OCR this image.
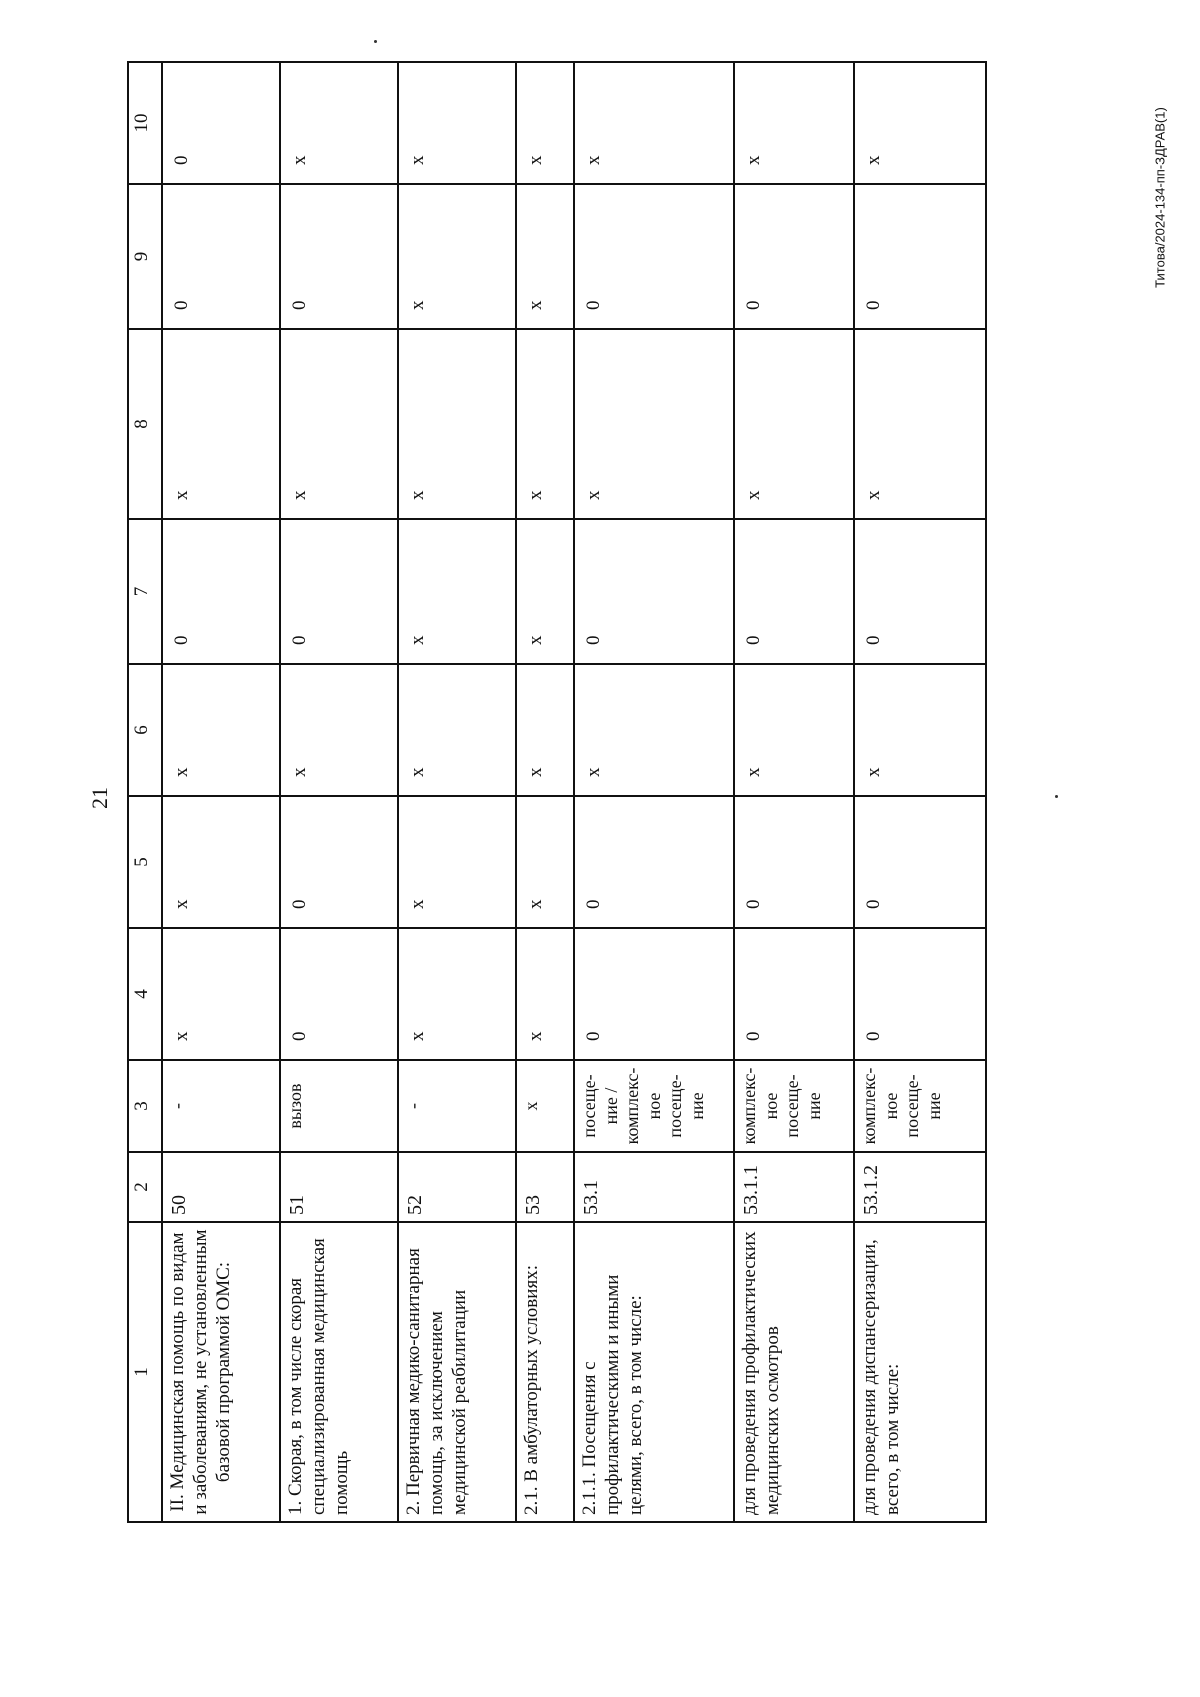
21
Титова/2024-134-пп-ЗДРАВ(1)
1	2	3	4	5	6	7	8	9	10
II. Медицинская помощь по видам и заболеваниям, не установленным базовой программой ОМС:	50	-	х	х	х	0	х	0	0
1. Скорая, в том числе скорая специализированная медицинская помощь	51	вызов	0	0	х	0	х	0	х
2. Первичная медико-санитарная помощь, за исключением медицинской реабилитации	52	-	х	х	х	х	х	х	х
2.1. В амбулаторных условиях:	53	х	х	х	х	х	х	х	х
2.1.1. Посещения с профилактическими и иными целями, всего, в том числе:	53.1	посеще-ние / комплекс-ное посеще-ние	0	0	х	0	х	0	х
для проведения профилактических медицинских осмотров	53.1.1	комплекс-ное посеще-ние	0	0	х	0	х	0	х
для проведения диспансеризации, всего, в том числе:	53.1.2	комплекс-ное посеще-ние	0	0	х	0	х	0	х
